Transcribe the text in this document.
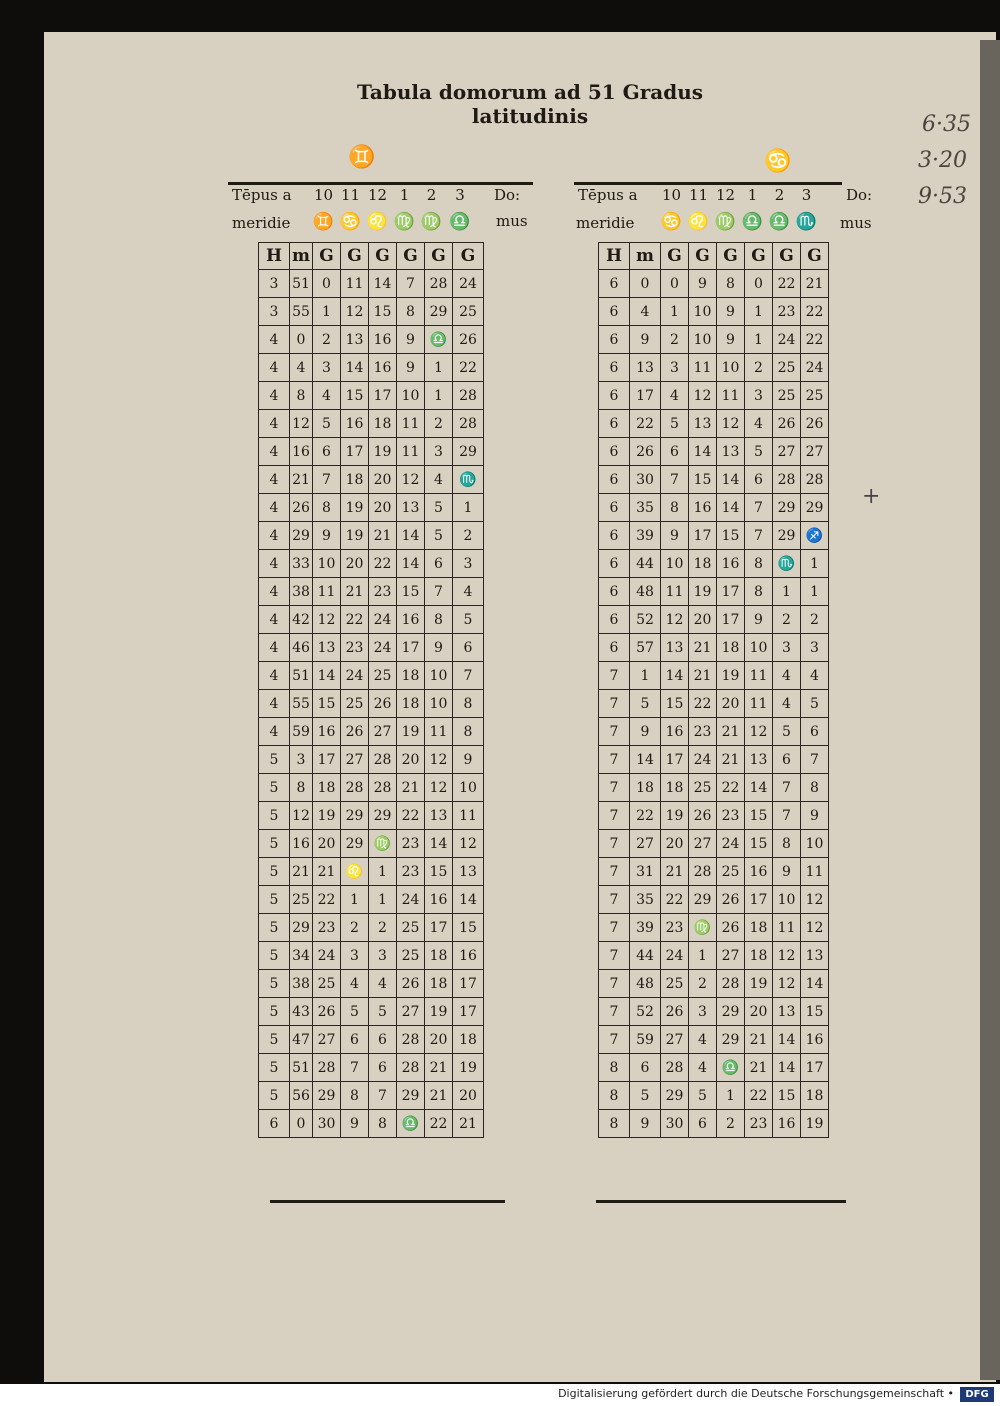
Tabula domorum ad 51 Gradus latitudinis	6·35
3·20
9·53
+
♊
Tēpus a
meridie
Do:
mus
10 11 12 1	2	3
♊ ♋ ♌ ♍ ♍ ♎
H	m	G	G	G	G	G	G
3	51	0	11	14	7	28	24
3	55	1	12	15	8	29	25
4	0	2	13	16	9	♎	26
4	4	3	14	16	9	1	22
4	8	4	15	17	10	1	28
4	12	5	16	18	11	2	28
4	16	6	17	19	11	3	29
4	21	7	18	20	12	4	♏
4	26	8	19	20	13	5	1
4	29	9	19	21	14	5	2
4	33	10	20	22	14	6	3
4	38	11	21	23	15	7	4
4	42	12	22	24	16	8	5
4	46	13	23	24	17	9	6
4	51	14	24	25	18	10	7
4	55	15	25	26	18	10	8
4	59	16	26	27	19	11	8
5	3	17	27	28	20	12	9
5	8	18	28	28	21	12	10
5	12	19	29	29	22	13	11
5	16	20	29	♍	23	14	12
5	21	21	♌	1	23	15	13
5	25	22	1	1	24	16	14
5	29	23	2	2	25	17	15
5	34	24	3	3	25	18	16
5	38	25	4	4	26	18	17
5	43	26	5	5	27	19	17
5	47	27	6	6	28	20	18
5	51	28	7	6	28	21	19
5	56	29	8	7	29	21	20
6	0	30	9	8	♎	22	21
♋
Tēpus a
meridie
Do:
mus
10 11 12 1	2	3
♋ ♌ ♍ ♎ ♎ ♏
H	m	G	G	G	G	G	G
6	0	0	9	8	0	22	21
6	4	1	10	9	1	23	22
6	9	2	10	9	1	24	22
6	13	3	11	10	2	25	24
6	17	4	12	11	3	25	25
6	22	5	13	12	4	26	26
6	26	6	14	13	5	27	27
6	30	7	15	14	6	28	28
6	35	8	16	14	7	29	29
6	39	9	17	15	7	29	♐
6	44	10	18	16	8	♏	1
6	48	11	19	17	8	1	1
6	52	12	20	17	9	2	2
6	57	13	21	18	10	3	3
7	1	14	21	19	11	4	4
7	5	15	22	20	11	4	5
7	9	16	23	21	12	5	6
7	14	17	24	21	13	6	7
7	18	18	25	22	14	7	8
7	22	19	26	23	15	7	9
7	27	20	27	24	15	8	10
7	31	21	28	25	16	9	11
7	35	22	29	26	17	10	12
7	39	23	♍	26	18	11	12
7	44	24	1	27	18	12	13
7	48	25	2	28	19	12	14
7	52	26	3	29	20	13	15
7	59	27	4	29	21	14	16
8	6	28	4	♎	21	14	17
8	5	29	5	1	22	15	18
8	9	30	6	2	23	16	19
Digitalisierung gefördert durch die Deutsche Forschungsgemeinschaft •	DFG
